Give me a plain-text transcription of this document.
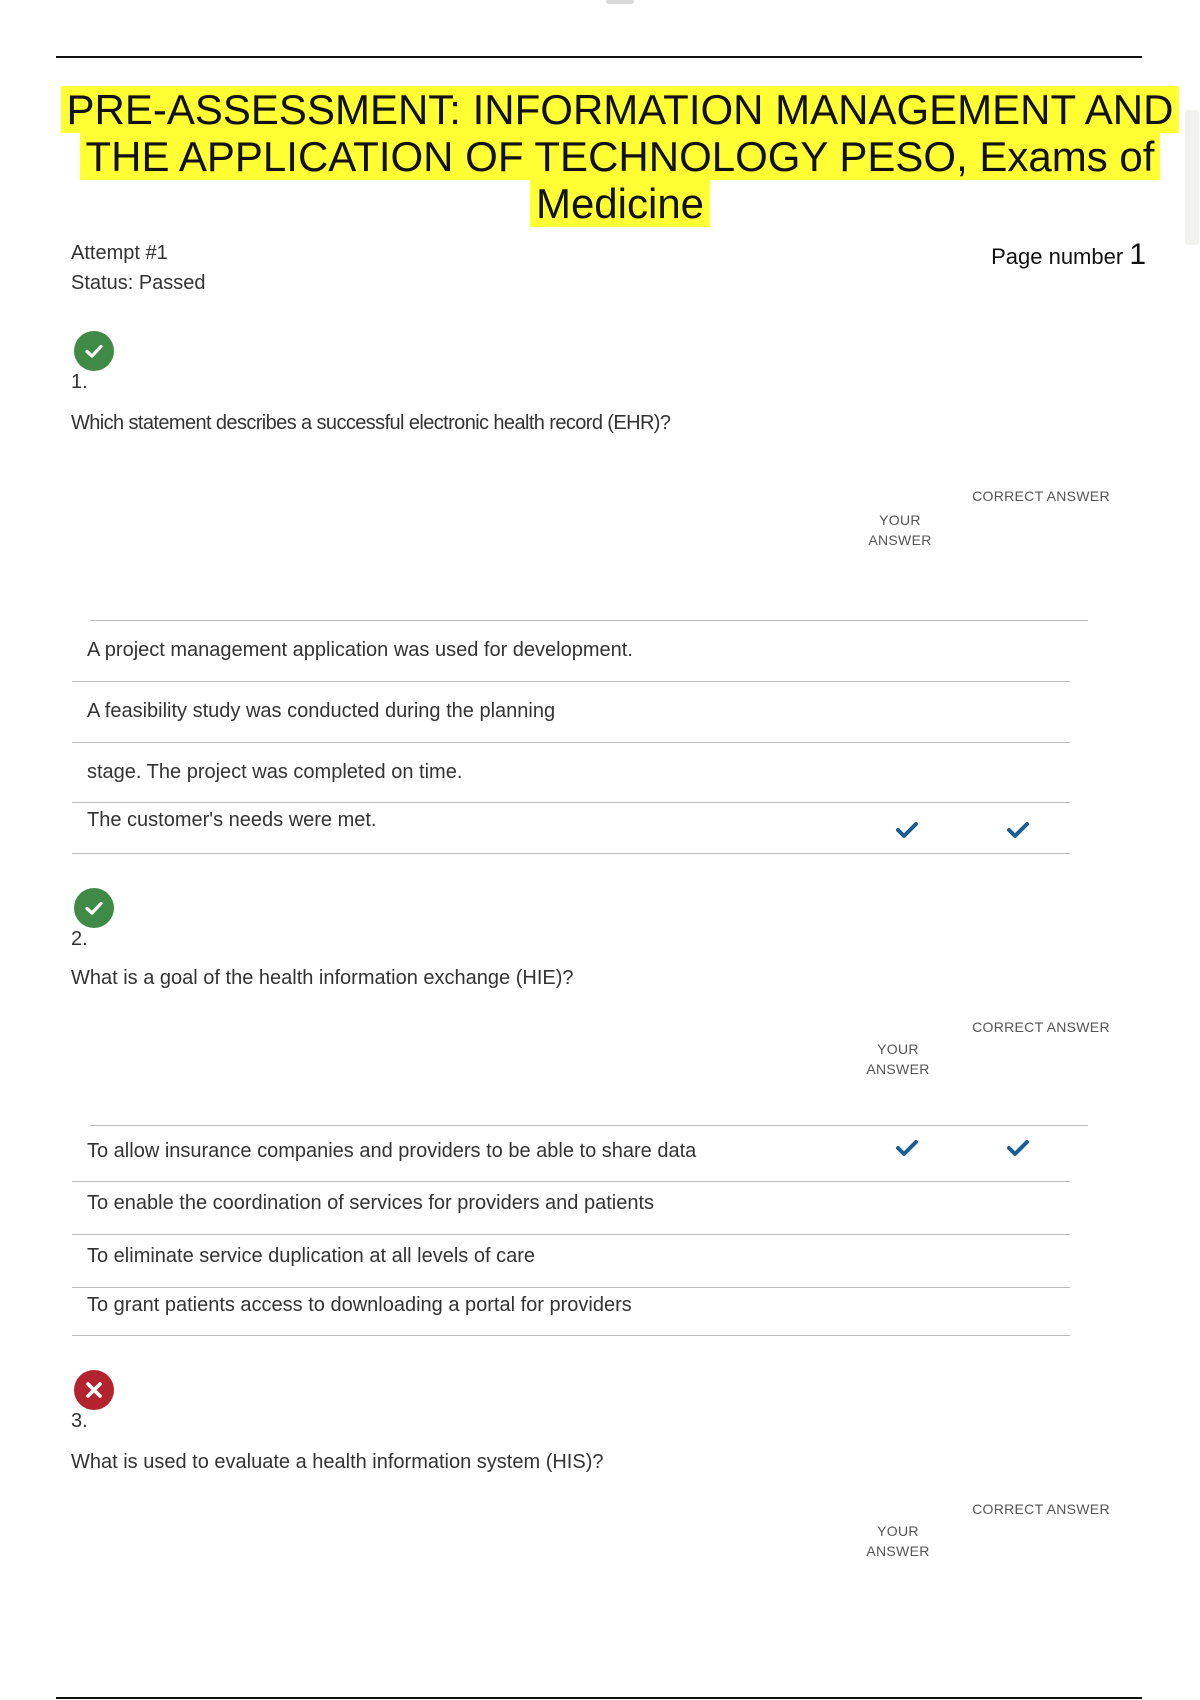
PRE-ASSESSMENT: INFORMATION MANAGEMENT AND
THE APPLICATION OF TECHNOLOGY PESO, Exams of
Medicine
Attempt #1
Status: Passed
Page number 1
1.
Which statement describes a successful electronic health record (EHR)?
CORRECT ANSWER
YOUR
ANSWER
A project management application was used for development.
A feasibility study was conducted during the planning
stage. The project was completed on time.
The customer's needs were met.
2.
What is a goal of the health information exchange (HIE)?
CORRECT ANSWER
YOUR
ANSWER
To allow insurance companies and providers to be able to share data
To enable the coordination of services for providers and patients
To eliminate service duplication at all levels of care
To grant patients access to downloading a portal for providers
3.
What is used to evaluate a health information system (HIS)?
CORRECT ANSWER
YOUR
ANSWER
